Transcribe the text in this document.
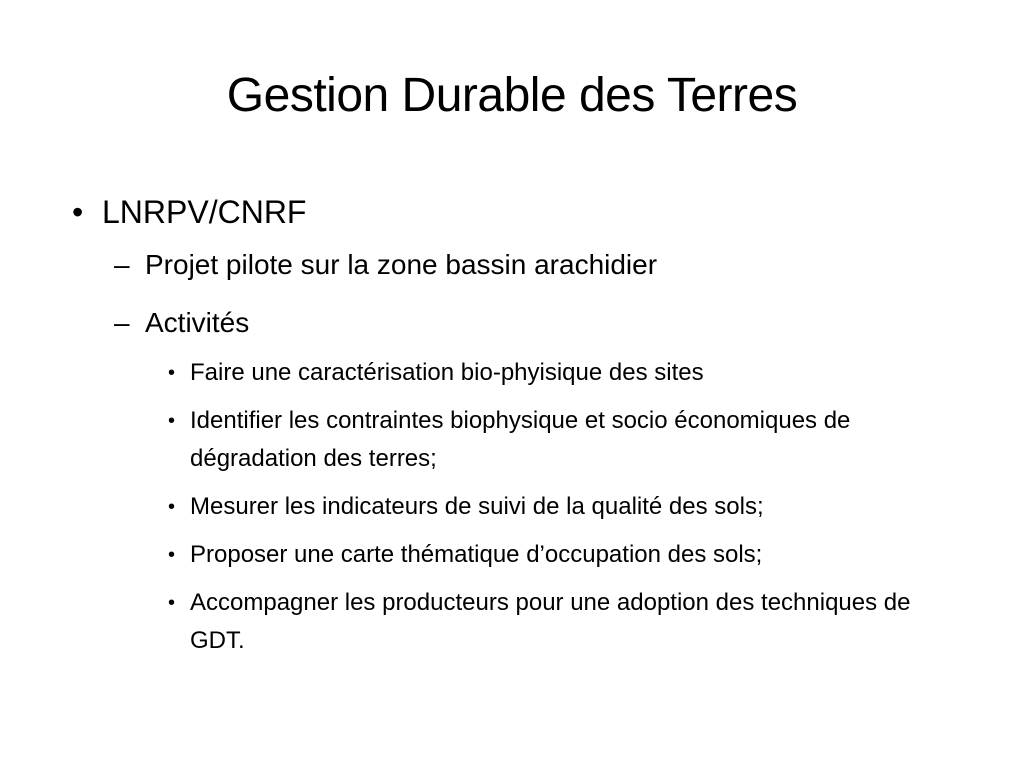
Gestion Durable des Terres
• LNRPV/CNRF
– Projet pilote sur la zone bassin arachidier
– Activités
• Faire une caractérisation bio-phyisique des sites
• Identifier les contraintes biophysique et socio économiques de dégradation des terres;
• Mesurer les indicateurs de suivi de la qualité des sols;
• Proposer une carte thématique d’occupation des sols;
• Accompagner les producteurs pour une adoption des techniques de GDT.
